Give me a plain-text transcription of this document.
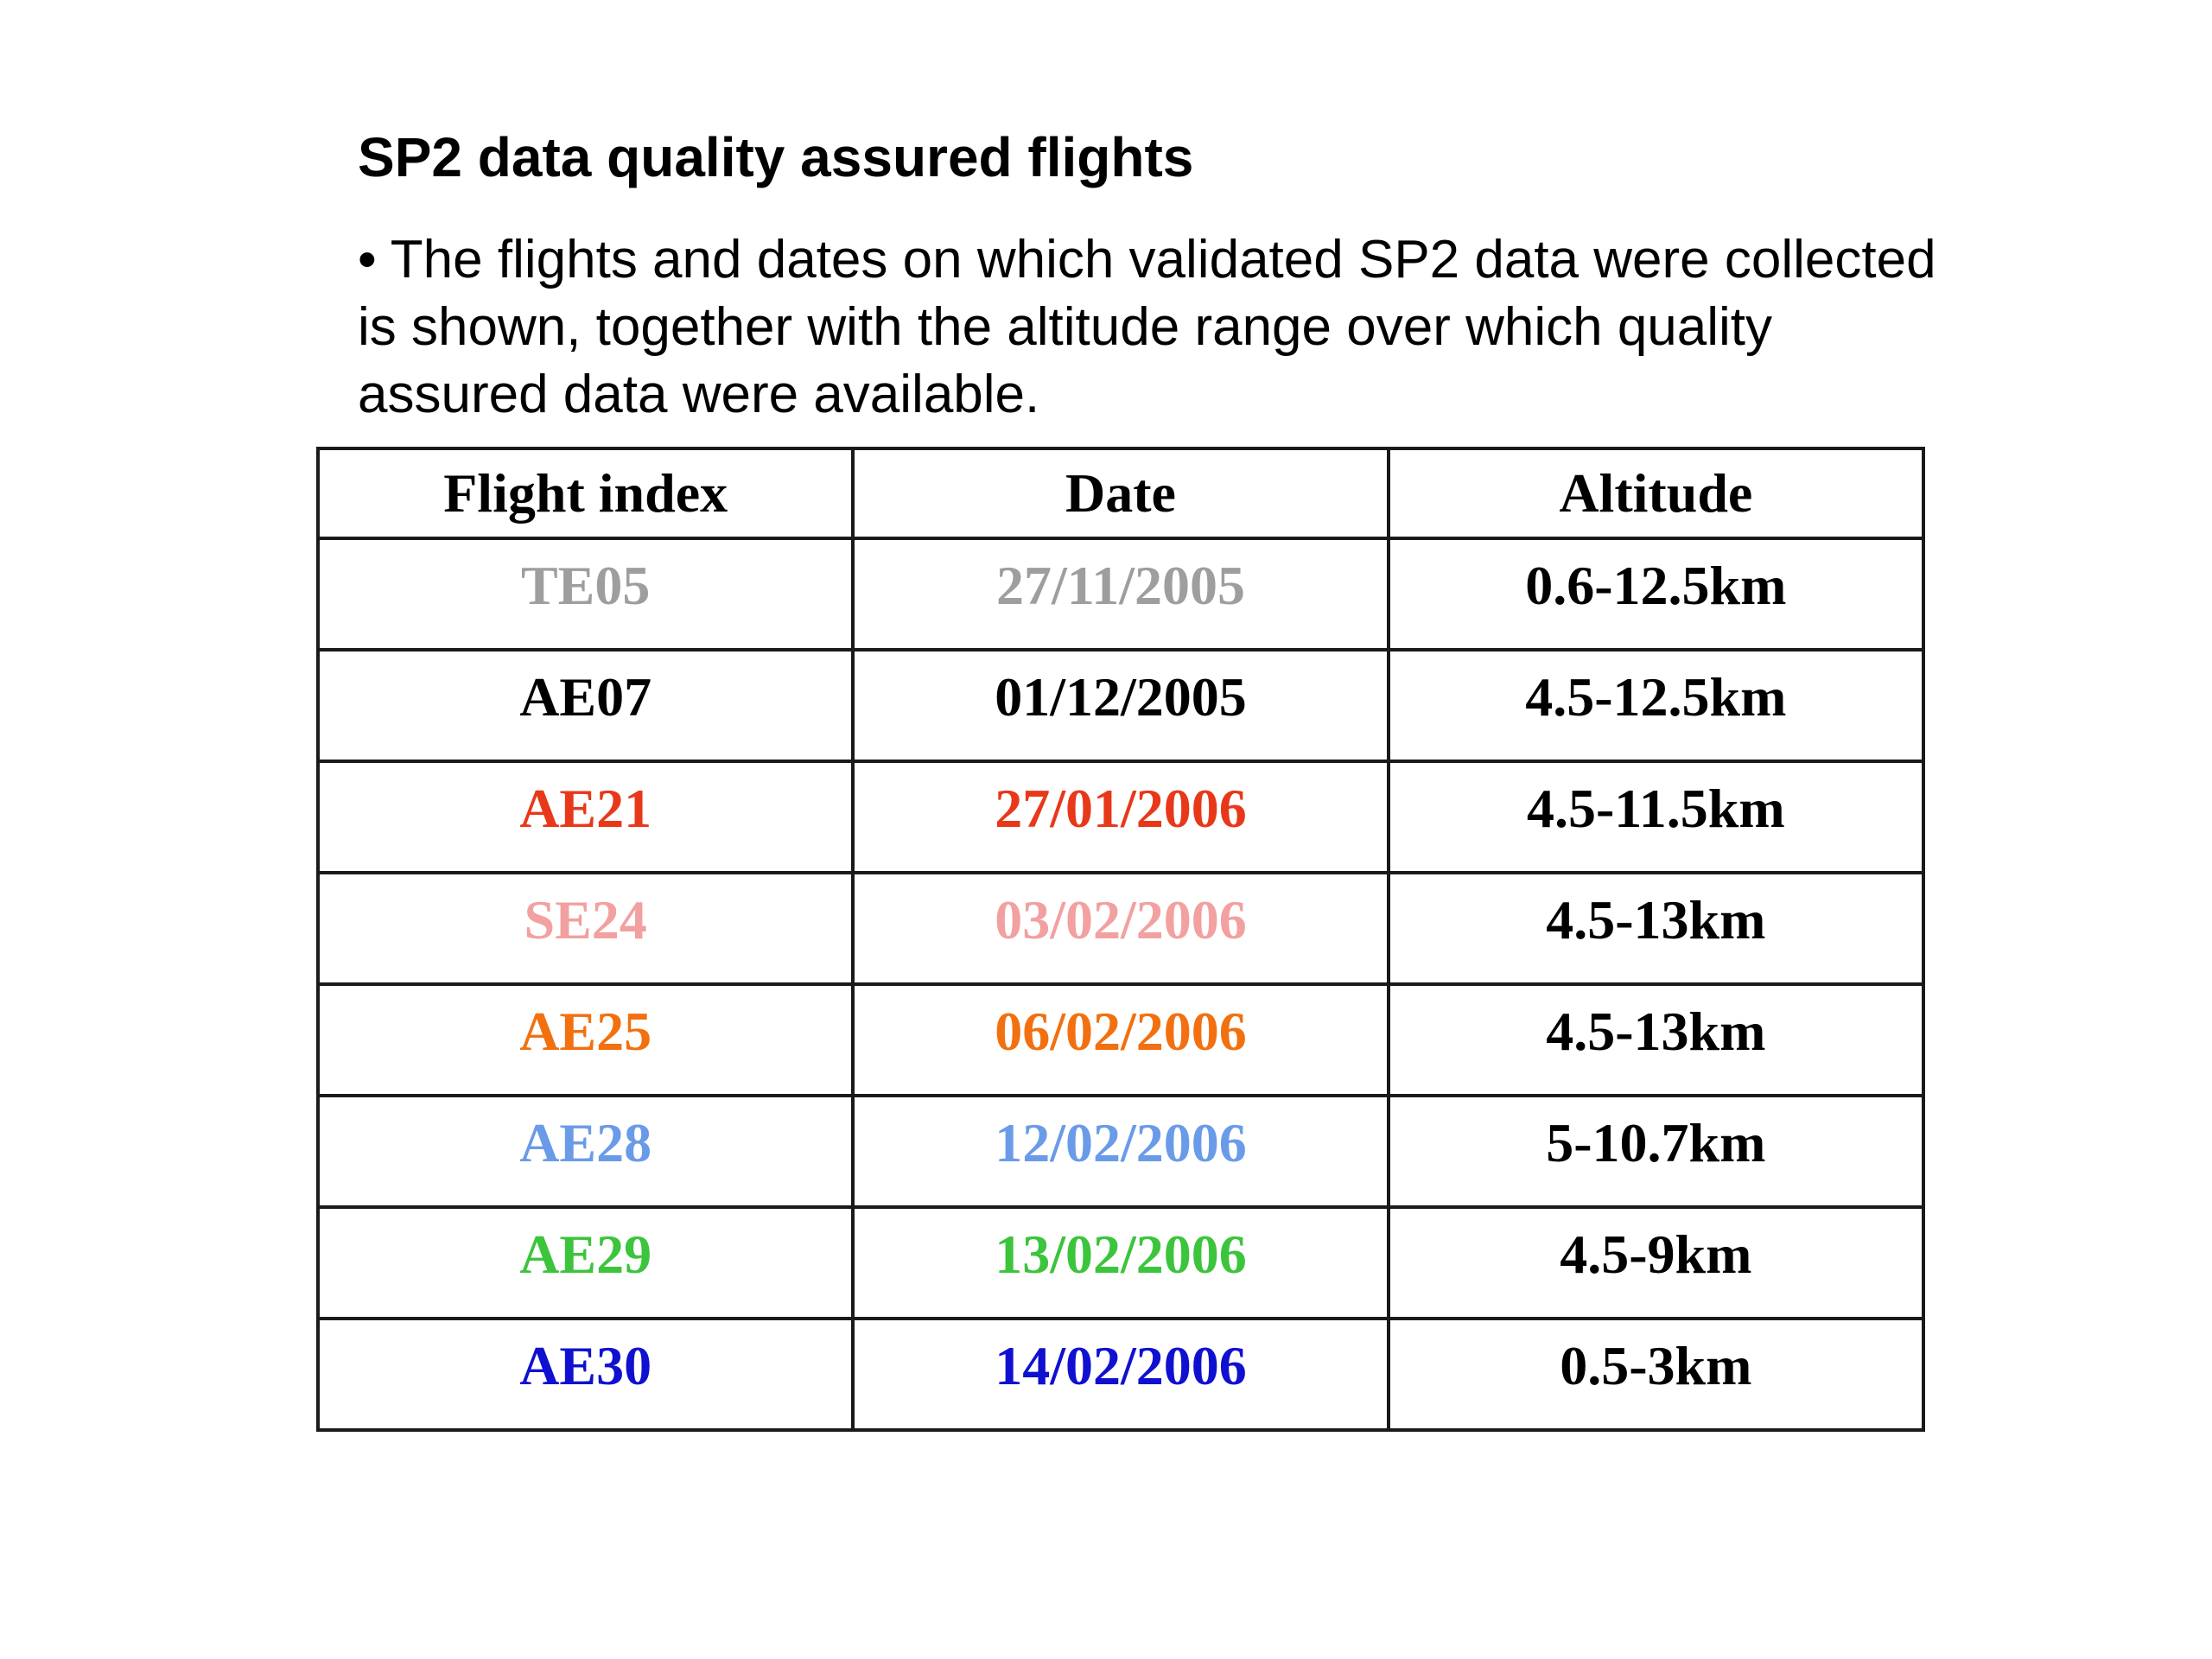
SP2 data quality assured flights

• The flights and dates on which validated SP2 data were collected is shown, together with the altitude range over which quality assured data were available.

Flight index	Date	Altitude
TE05	27/11/2005	0.6-12.5km
AE07	01/12/2005	4.5-12.5km
AE21	27/01/2006	4.5-11.5km
SE24	03/02/2006	4.5-13km
AE25	06/02/2006	4.5-13km
AE28	12/02/2006	5-10.7km
AE29	13/02/2006	4.5-9km
AE30	14/02/2006	0.5-3km
